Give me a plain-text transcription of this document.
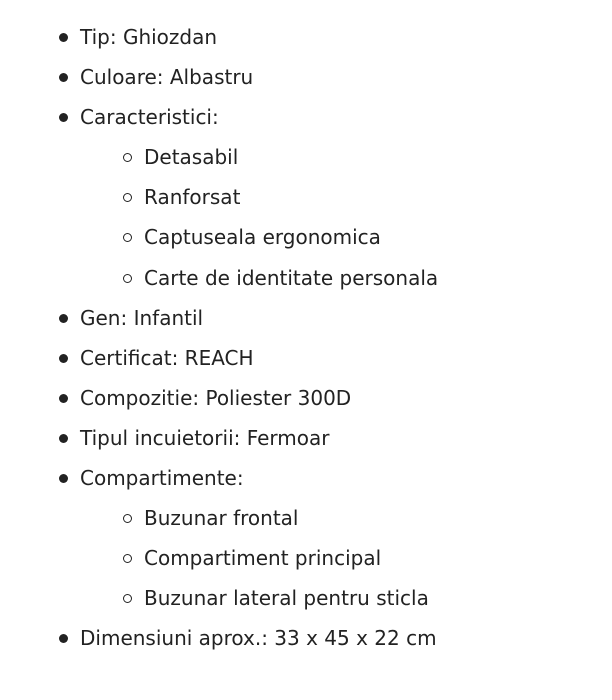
Tip: Ghiozdan
Culoare: Albastru
Caracteristici:
Detasabil
Ranforsat
Captuseala ergonomica
Carte de identitate personala
Gen: Infantil
Certificat: REACH
Compozitie: Poliester 300D
Tipul incuietorii: Fermoar
Compartimente:
Buzunar frontal
Compartiment principal
Buzunar lateral pentru sticla
Dimensiuni aprox.: 33 x 45 x 22 cm
